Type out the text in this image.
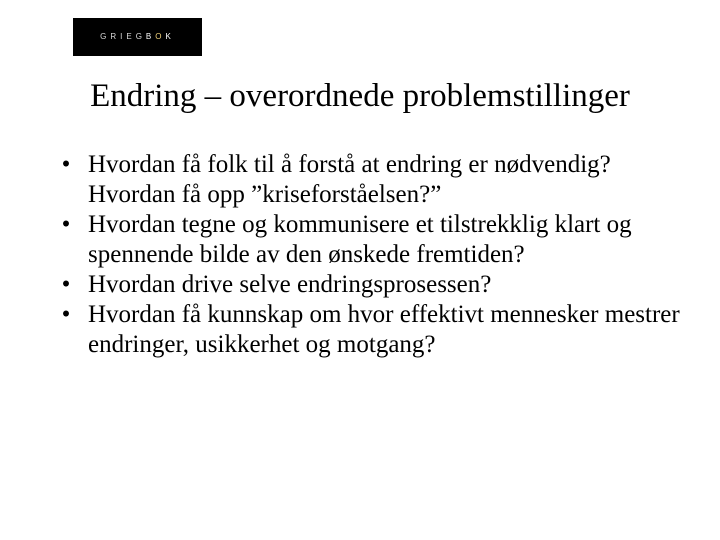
GRIEGBOK
Endring – overordnede problemstillinger
• Hvordan få folk til å forstå at endring er nødvendig? Hvordan få opp ”kriseforståelsen?”
• Hvordan tegne og kommunisere et tilstrekklig klart og spennende bilde av den ønskede fremtiden?
• Hvordan drive selve endringsprosessen?
• Hvordan få kunnskap om hvor effektivt mennesker mestrer endringer, usikkerhet og motgang?
